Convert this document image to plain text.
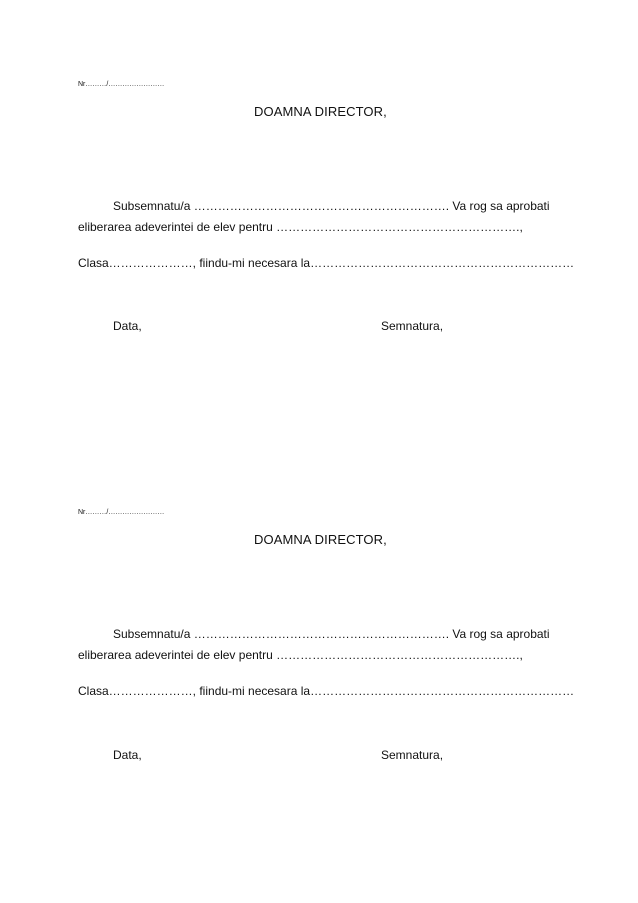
Nr………/……………………
DOAMNA DIRECTOR,
Subsemnatu/a ………………………………………………………. Va rog sa aprobati
eliberarea adeverintei de elev pentru …………………………………………………….,
Clasa…………………, fiindu-mi necesara la…………………………………………………………
Data,	Semnatura,
Nr………/……………………
DOAMNA DIRECTOR,
Subsemnatu/a ………………………………………………………. Va rog sa aprobati
eliberarea adeverintei de elev pentru …………………………………………………….,
Clasa…………………, fiindu-mi necesara la…………………………………………………………
Data,	Semnatura,
